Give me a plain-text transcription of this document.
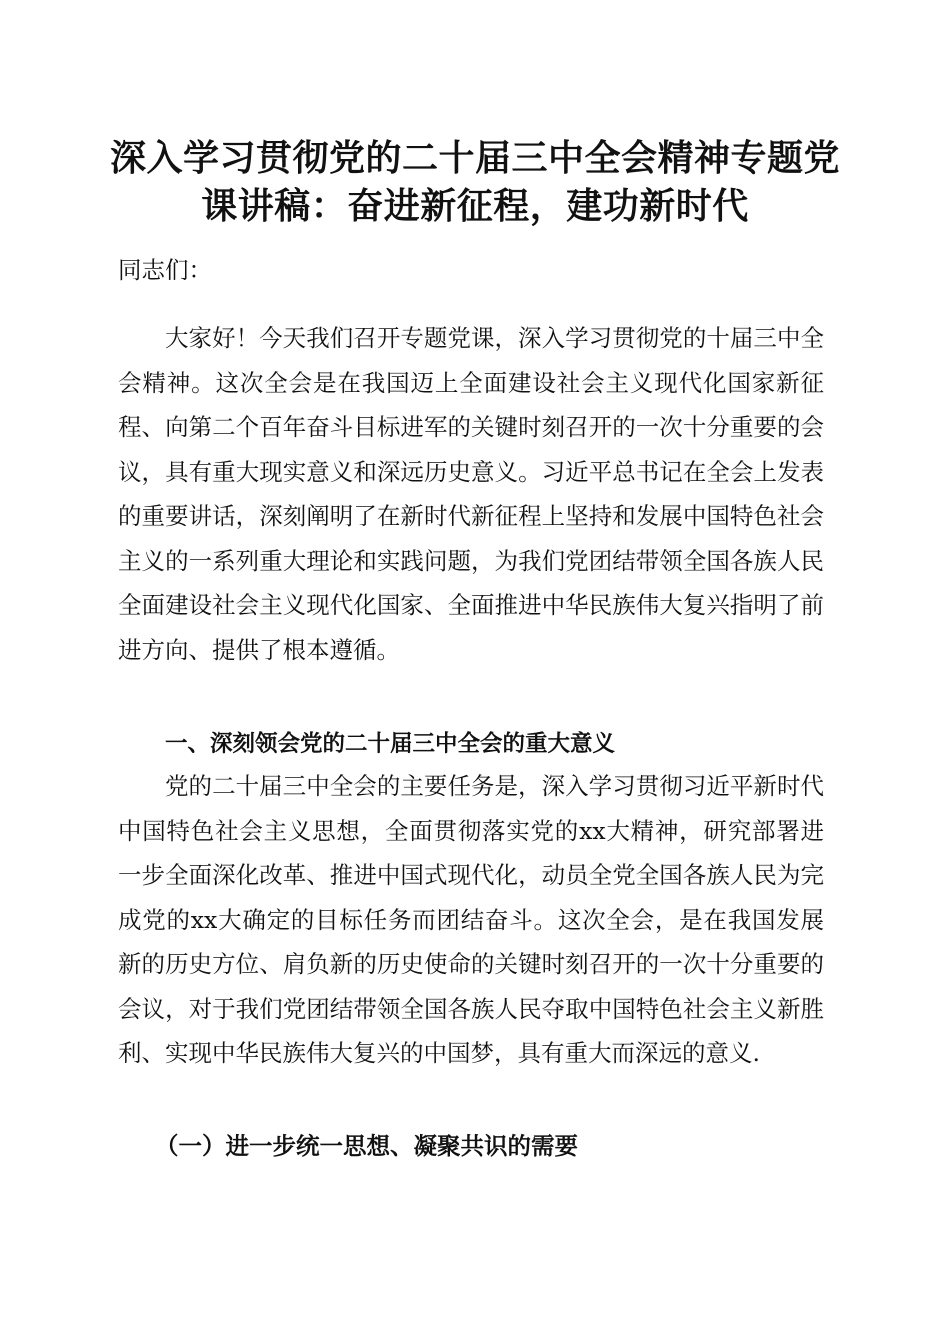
深入学习贯彻党的二十届三中全会精神专题党
课讲稿：奋进新征程，建功新时代

同志们：

大家好！今天我们召开专题党课，深入学习贯彻党的十届三中全会精神。这次全会是在我国迈上全面建设社会主义现代化国家新征程、向第二个百年奋斗目标进军的关键时刻召开的一次十分重要的会议，具有重大现实意义和深远历史意义。习近平总书记在全会上发表的重要讲话，深刻阐明了在新时代新征程上坚持和发展中国特色社会主义的一系列重大理论和实践问题，为我们党团结带领全国各族人民全面建设社会主义现代化国家、全面推进中华民族伟大复兴指明了前进方向、提供了根本遵循。

一、深刻领会党的二十届三中全会的重大意义

党的二十届三中全会的主要任务是，深入学习贯彻习近平新时代中国特色社会主义思想，全面贯彻落实党的xx大精神，研究部署进一步全面深化改革、推进中国式现代化，动员全党全国各族人民为完成党的xx大确定的目标任务而团结奋斗。这次全会，是在我国发展新的历史方位、肩负新的历史使命的关键时刻召开的一次十分重要的会议，对于我们党团结带领全国各族人民夺取中国特色社会主义新胜利、实现中华民族伟大复兴的中国梦，具有重大而深远的意义.

（一）进一步统一思想、凝聚共识的需要
